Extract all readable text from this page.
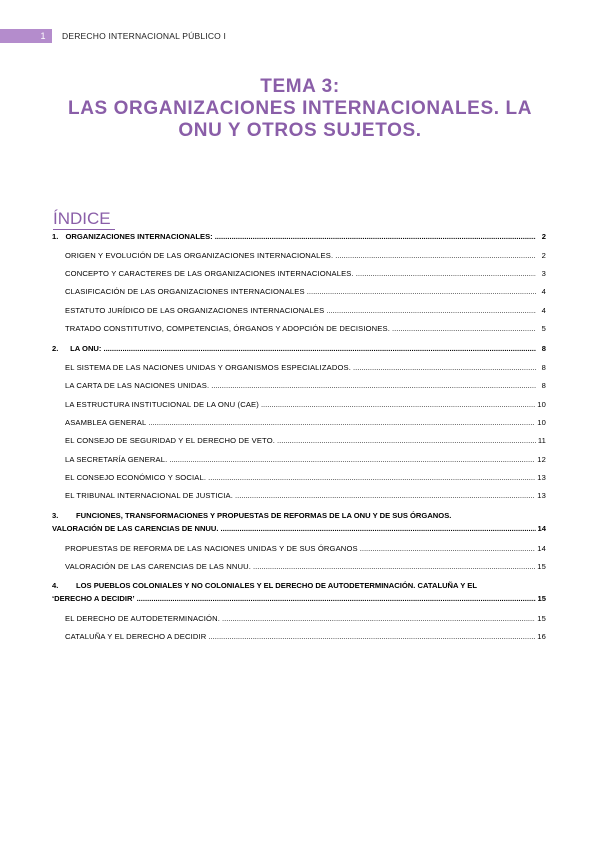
1	DERECHO INTERNACIONAL PÚBLICO I
TEMA 3:
LAS ORGANIZACIONES INTERNACIONALES. LA
ONU Y OTROS SUJETOS.
ÍNDICE
1. ORGANIZACIONES INTERNACIONALES: .....	2
ORIGEN Y EVOLUCIÓN DE LAS ORGANIZACIONES INTERNACIONALES. .....	2
CONCEPTO Y CARACTERES DE LAS ORGANIZACIONES INTERNACIONALES. .....	3
CLASIFICACIÓN DE LAS ORGANIZACIONES INTERNACIONALES .....	4
ESTATUTO JURÍDICO DE LAS ORGANIZACIONES INTERNACIONALES .....	4
TRATADO CONSTITUTIVO, COMPETENCIAS, ÓRGANOS Y ADOPCIÓN DE DECISIONES. .....	5
2.	LA ONU: .....	8
EL SISTEMA DE LAS NACIONES UNIDAS Y ORGANISMOS ESPECIALIZADOS. .....	8
LA CARTA DE LAS NACIONES UNIDAS. .....	8
LA ESTRUCTURA INSTITUCIONAL DE LA ONU (CAE) .....	10
ASAMBLEA GENERAL .....	10
EL CONSEJO DE SEGURIDAD Y EL DERECHO DE VETO. .....	11
LA SECRETARÍA GENERAL. .....	12
EL CONSEJO ECONÓMICO Y SOCIAL. .....	13
EL TRIBUNAL INTERNACIONAL DE JUSTICIA. .....	13
3. FUNCIONES, TRANSFORMACIONES Y PROPUESTAS DE REFORMAS DE LA ONU Y DE SUS ÓRGANOS.
VALORACIÓN DE LAS CARENCIAS DE NNUU. .....	14
PROPUESTAS DE REFORMA DE LAS NACIONES UNIDAS Y DE SUS ÓRGANOS .....	14
VALORACIÓN DE LAS CARENCIAS DE LAS NNUU. .....	15
4. LOS PUEBLOS COLONIALES Y NO COLONIALES Y EL DERECHO DE AUTODETERMINACIÓN. CATALUÑA Y EL
‘DERECHO A DECIDIR’ .....	15
EL DERECHO DE AUTODETERMINACIÓN. .....	15
CATALUÑA Y EL DERECHO A DECIDIR .....	16
